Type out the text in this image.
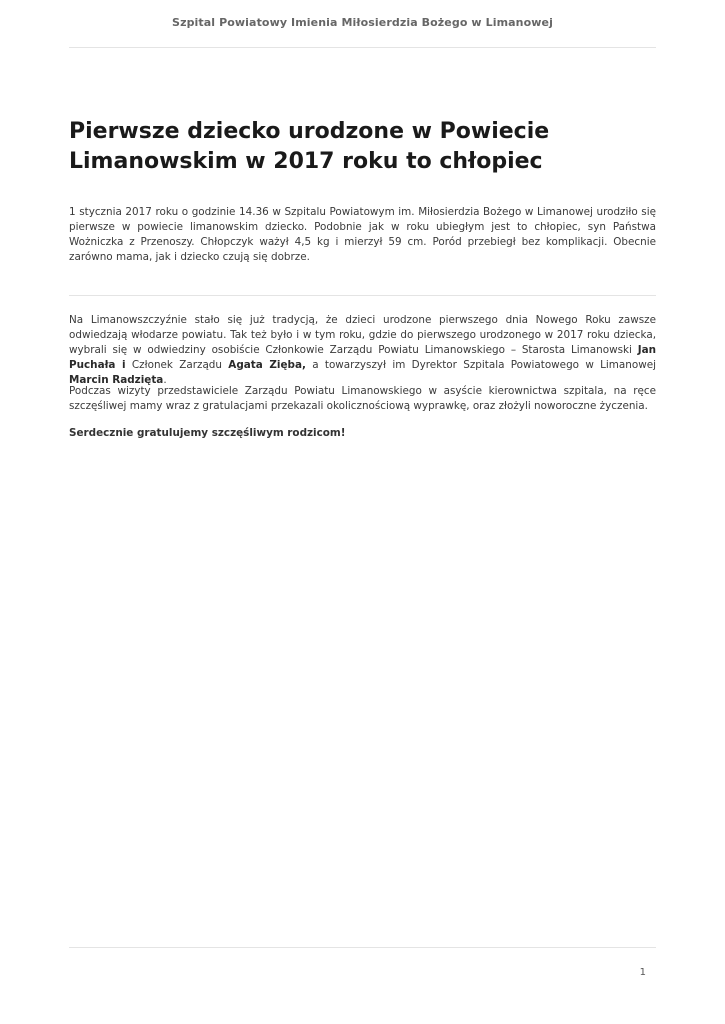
Szpital Powiatowy Imienia Miłosierdzia Bożego w Limanowej
Pierwsze dziecko urodzone w Powiecie Limanowskim w 2017 roku to chłopiec

1 stycznia 2017 roku o godzinie 14.36 w Szpitalu Powiatowym im. Miłosierdzia Bożego w Limanowej urodziło się pierwsze w powiecie limanowskim dziecko. Podobnie jak w roku ubiegłym jest to chłopiec, syn Państwa Wożniczka z Przenoszy. Chłopczyk ważył 4,5 kg i mierzył 59 cm. Poród przebiegł bez komplikacji. Obecnie zarówno mama, jak i dziecko czują się dobrze.

Na Limanowszczyźnie stało się już tradycją, że dzieci urodzone pierwszego dnia Nowego Roku zawsze odwiedzają włodarze powiatu. Tak też było i w tym roku, gdzie do pierwszego urodzonego w 2017 roku dziecka, wybrali się w odwiedziny osobiście Członkowie Zarządu Powiatu Limanowskiego – Starosta Limanowski Jan Puchała i Członek Zarządu Agata Zięba, a towarzyszył im Dyrektor Szpitala Powiatowego w Limanowej Marcin Radzięta.

Podczas wizyty przedstawiciele Zarządu Powiatu Limanowskiego w asyście kierownictwa szpitala, na ręce szczęśliwej mamy wraz z gratulacjami przekazali okolicznościową wyprawkę, oraz złożyli noworoczne życzenia.

Serdecznie gratulujemy szczęśliwym rodzicom!

1
